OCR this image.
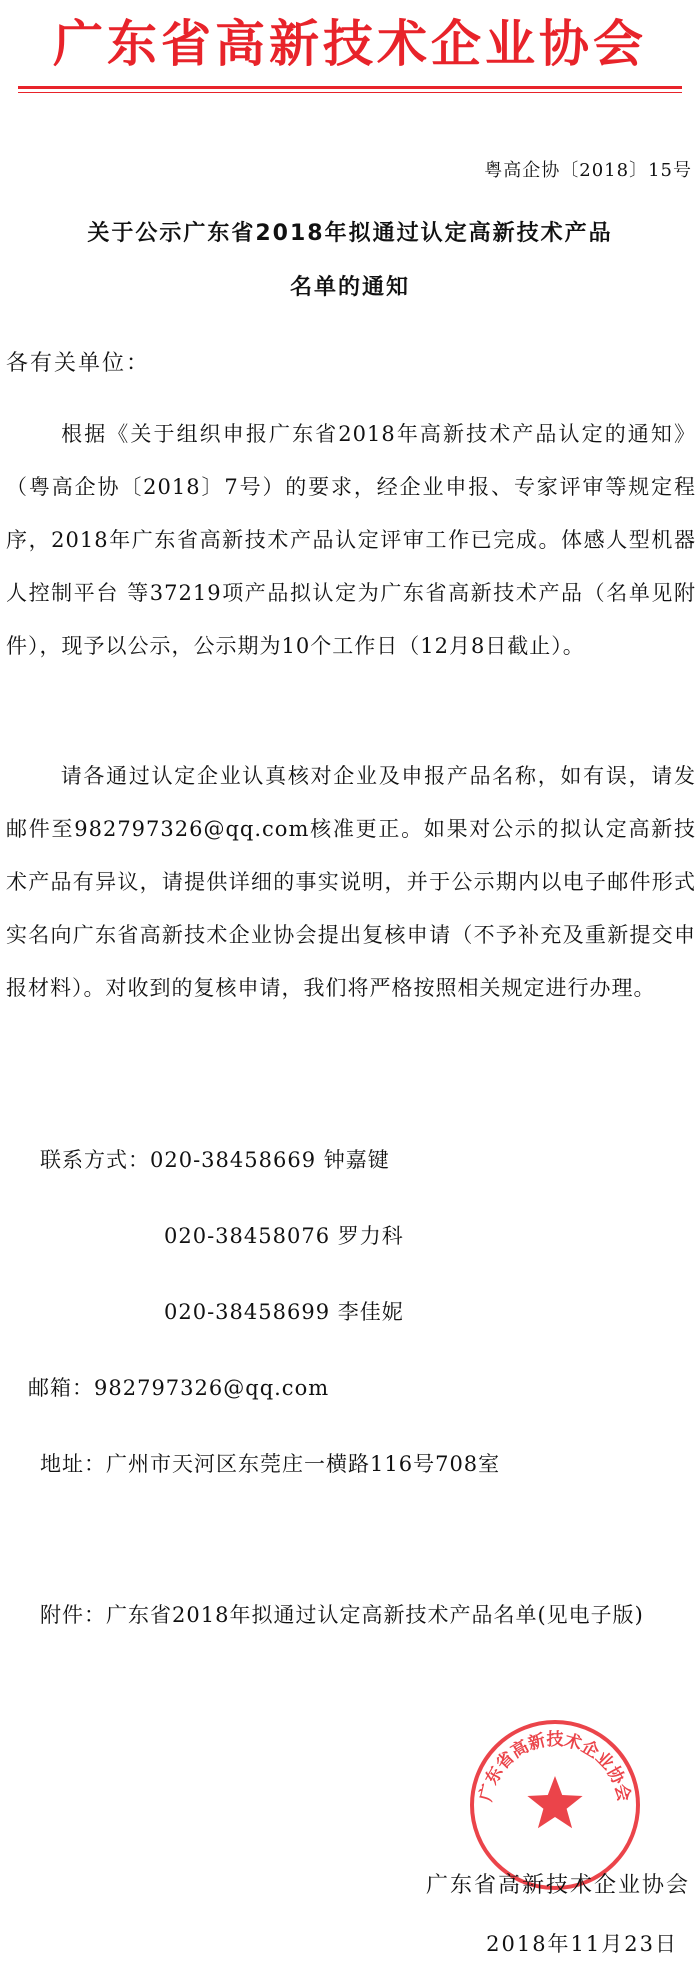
广东省高新技术企业协会
粤高企协〔2018〕15号
关于公示广东省2018年拟通过认定高新技术产品
名单的通知
各有关单位：
根据《关于组织申报广东省2018年高新技术产品认定的通知》（粤高企协〔2018〕7号）的要求，经企业申报、专家评审等规定程序，2018年广东省高新技术产品认定评审工作已完成。体感人型机器人控制平台 等37219项产品拟认定为广东省高新技术产品（名单见附件），现予以公示，公示期为10个工作日（12月8日截止）。
请各通过认定企业认真核对企业及申报产品名称，如有误，请发邮件至982797326@qq.com核准更正。如果对公示的拟认定高新技术产品有异议，请提供详细的事实说明，并于公示期内以电子邮件形式实名向广东省高新技术企业协会提出复核申请（不予补充及重新提交申报材料）。对收到的复核申请，我们将严格按照相关规定进行办理。
联系方式：020-38458669 钟嘉键
020-38458076 罗力科
020-38458699 李佳妮
邮箱：982797326@qq.com
地址：广州市天河区东莞庄一横路116号708室
附件：广东省2018年拟通过认定高新技术产品名单(见电子版)
广东省高新技术企业协会
广东省高新技术企业协会
2018年11月23日
